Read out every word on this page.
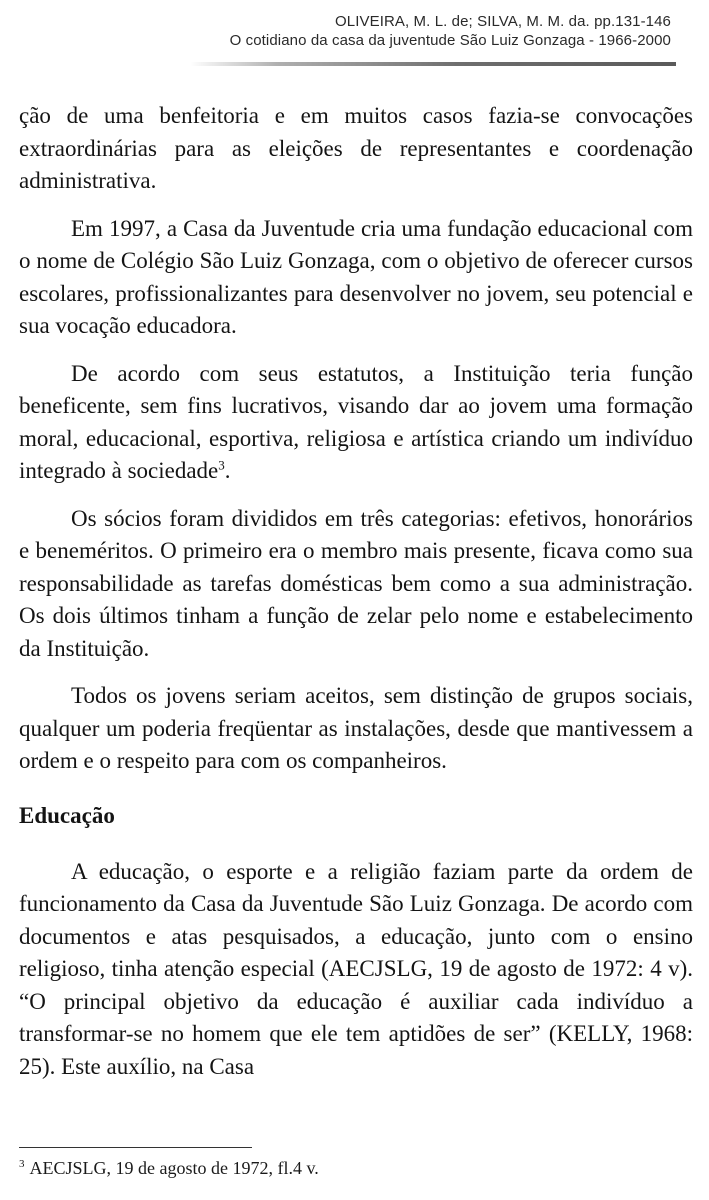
OLIVEIRA, M. L. de; SILVA, M. M. da. pp.131-146
O cotidiano da casa da juventude São Luiz Gonzaga - 1966-2000

ção de uma benfeitoria e em muitos casos fazia-se convocações extraordinárias para as eleições de representantes e coordenação administrativa.

Em 1997, a Casa da Juventude cria uma fundação educacional com o nome de Colégio São Luiz Gonzaga, com o objetivo de oferecer cursos escolares, profissionalizantes para desenvolver no jovem, seu potencial e sua vocação educadora.

De acordo com seus estatutos, a Instituição teria função beneficente, sem fins lucrativos, visando dar ao jovem uma formação moral, educacional, esportiva, religiosa e artística criando um indivíduo integrado à sociedade$^3$.

Os sócios foram divididos em três categorias: efetivos, honorários e beneméritos. O primeiro era o membro mais presente, ficava como sua responsabilidade as tarefas domésticas bem como a sua administração. Os dois últimos tinham a função de zelar pelo nome e estabelecimento da Instituição.

Todos os jovens seriam aceitos, sem distinção de grupos sociais, qualquer um poderia freqüentar as instalações, desde que mantivessem a ordem e o respeito para com os companheiros.

Educação

A educação, o esporte e a religião faziam parte da ordem de funcionamento da Casa da Juventude São Luiz Gonzaga. De acordo com documentos e atas pesquisados, a educação, junto com o ensino religioso, tinha atenção especial (AECJSLG, 19 de agosto de 1972: 4 v). “O principal objetivo da educação é auxiliar cada indivíduo a transformar-se no homem que ele tem aptidões de ser” (KELLY, 1968: 25). Este auxílio, na Casa

$^3$ AECJSLG, 19 de agosto de 1972, fl.4 v.
